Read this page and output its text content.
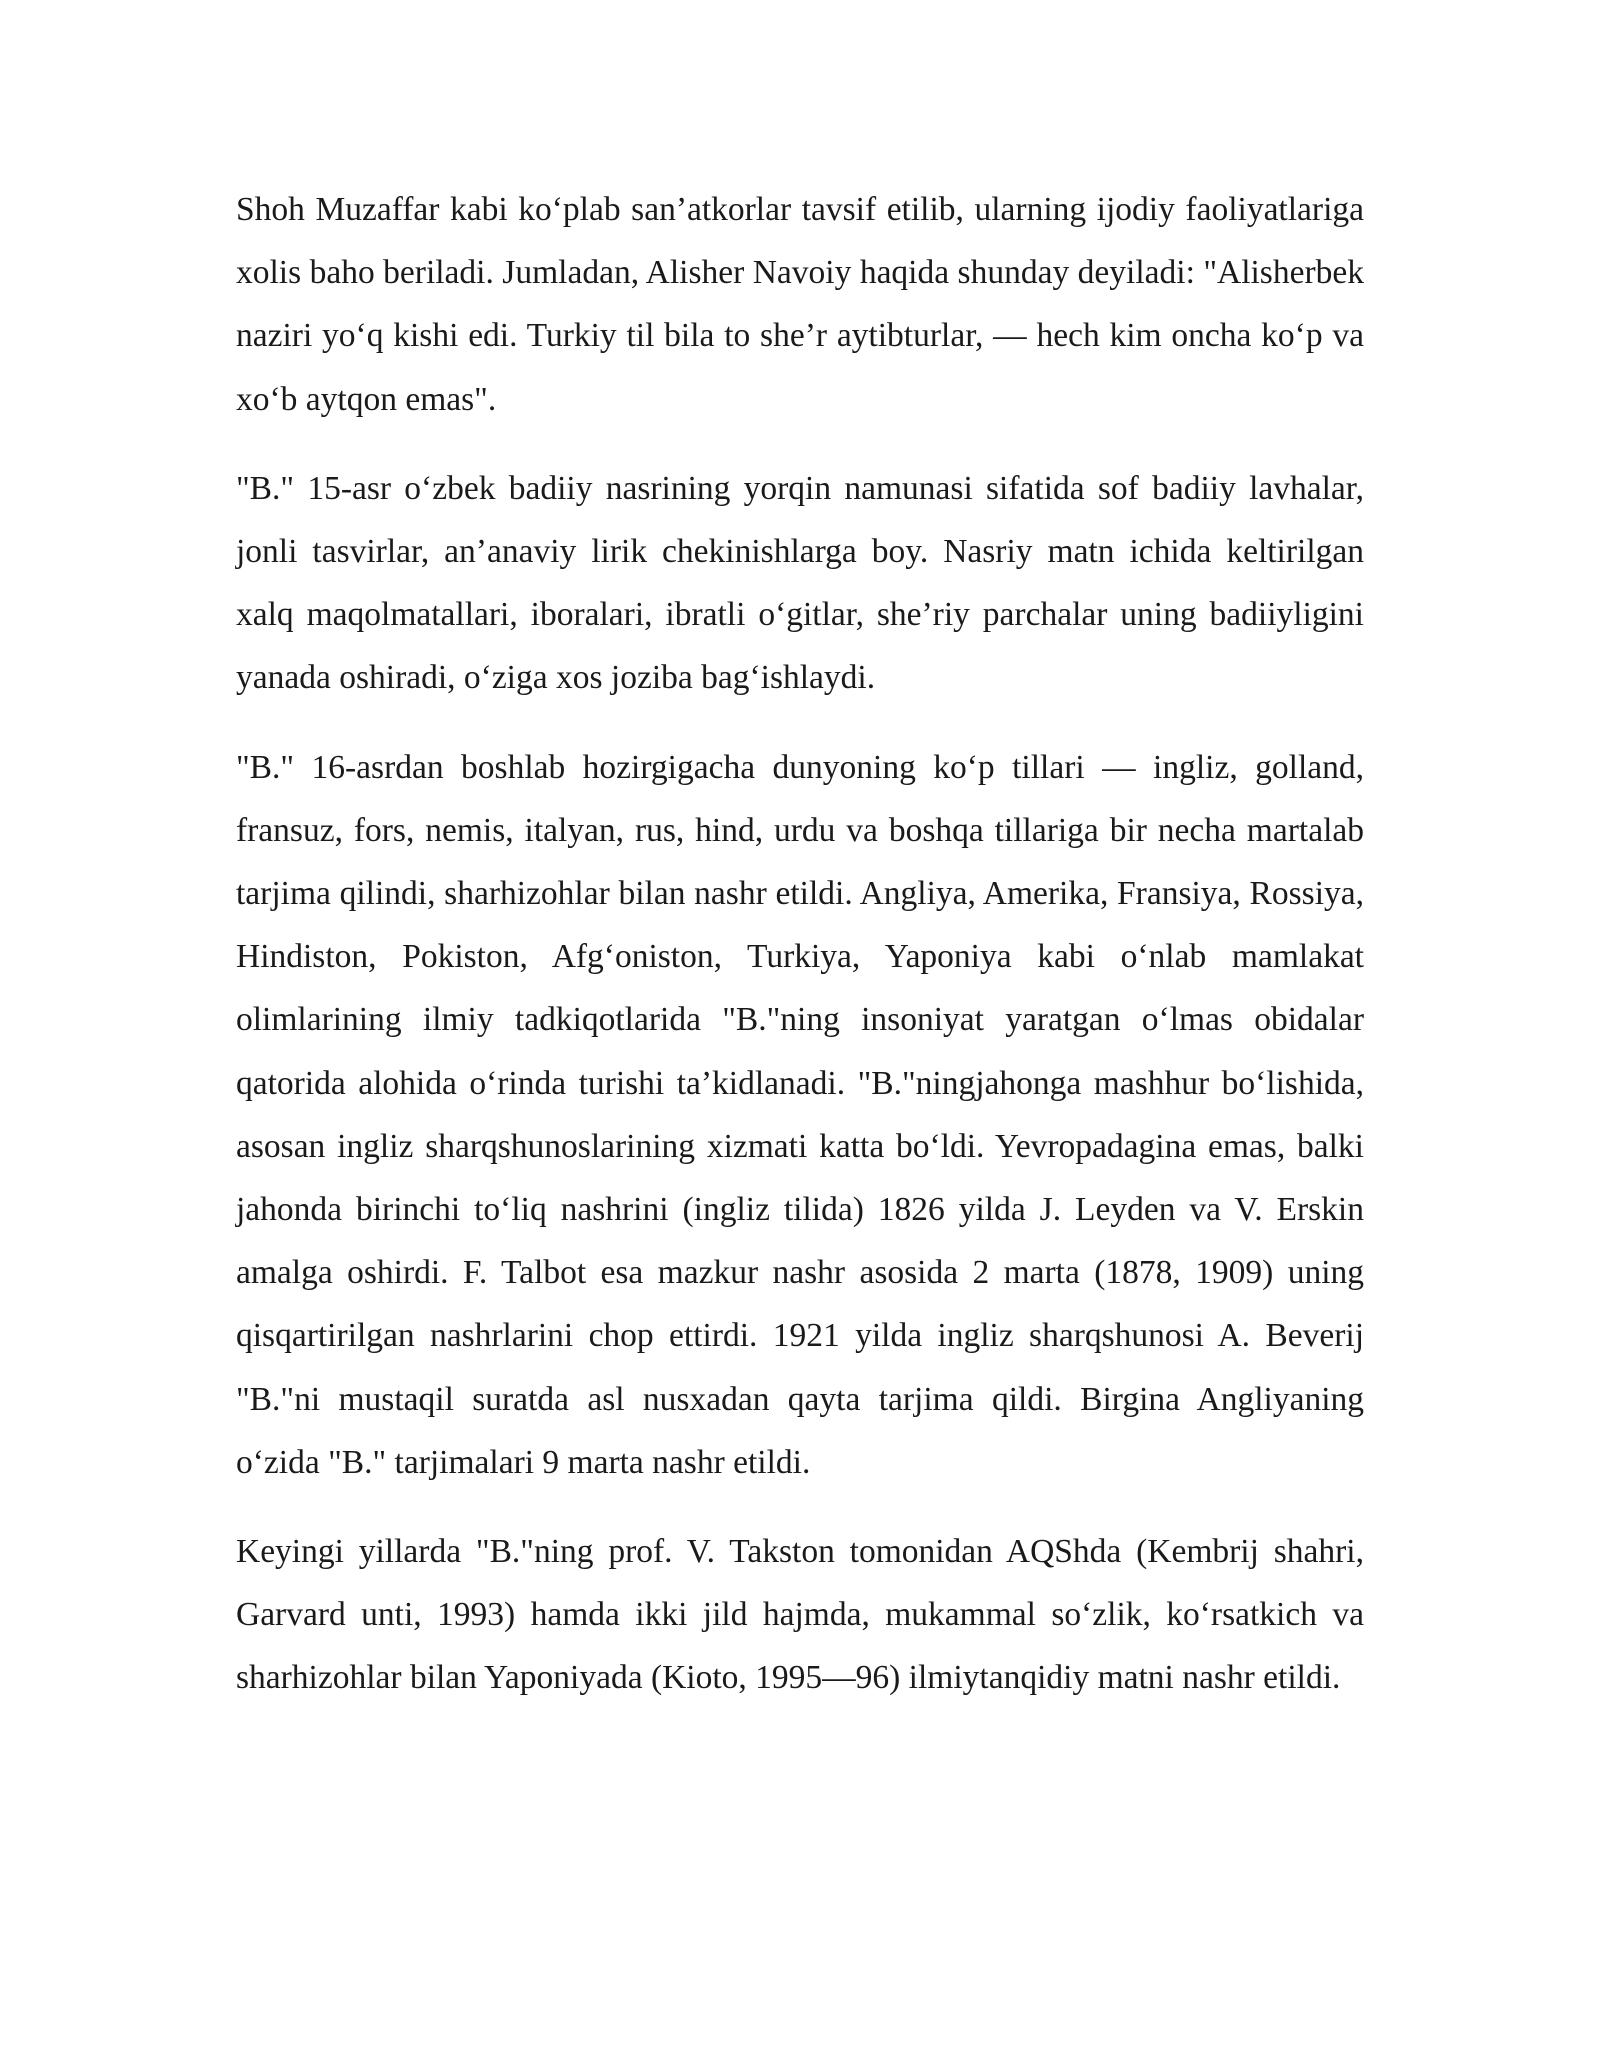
Shoh Muzaffar kabi koʻplab san’atkorlar tavsif etilib, ularning ijodiy faoliyatlariga xolis baho beriladi. Jumladan, Alisher Navoiy haqida shunday deyiladi: "Alisherbek naziri yoʻq kishi edi. Turkiy til bila to she’r aytibturlar, — hech kim oncha koʻp va xoʻb aytqon emas".

"B." 15-asr oʻzbek badiiy nasrining yorqin namunasi sifatida sof badiiy lavhalar, jonli tasvirlar, an’anaviy lirik chekinishlarga boy. Nasriy matn ichida keltirilgan xalq maqolmatallari, iboralari, ibratli oʻgitlar, she’riy parchalar uning badiiyligini yanada oshiradi, oʻziga xos joziba bagʻishlaydi.

"B." 16-asrdan boshlab hozirgigacha dunyoning koʻp tillari — ingliz, golland, fransuz, fors, nemis, italyan, rus, hind, urdu va boshqa tillariga bir necha martalab tarjima qilindi, sharhizohlar bilan nashr etildi. Angliya, Amerika, Fransiya, Rossiya, Hindiston, Pokiston, Afgʻoniston, Turkiya, Yaponiya kabi oʻnlab mamlakat olimlarining ilmiy tadkiqotlarida "B."ning insoniyat yaratgan oʻlmas obidalar qatorida alohida oʻrinda turishi ta’kidlanadi. "B."ningjahonga mashhur boʻlishida, asosan ingliz sharqshunoslarining xizmati katta boʻldi. Yevropadagina emas, balki jahonda birinchi toʻliq nashrini (ingliz tilida) 1826 yilda J. Leyden va V. Erskin amalga oshirdi. F. Talbot esa mazkur nashr asosida 2 marta (1878, 1909) uning qisqartirilgan nashrlarini chop ettirdi. 1921 yilda ingliz sharqshunosi A. Beverij "B."ni mustaqil suratda asl nusxadan qayta tarjima qildi. Birgina Angliyaning oʻzida "B." tarjimalari 9 marta nashr etildi.

Keyingi yillarda "B."ning prof. V. Takston tomonidan AQShda (Kembrij shahri, Garvard unti, 1993) hamda ikki jild hajmda, mukammal soʻzlik, koʻrsatkich va sharhizohlar bilan Yaponiyada (Kioto, 1995—96) ilmiytanqidiy matni nashr etildi.
